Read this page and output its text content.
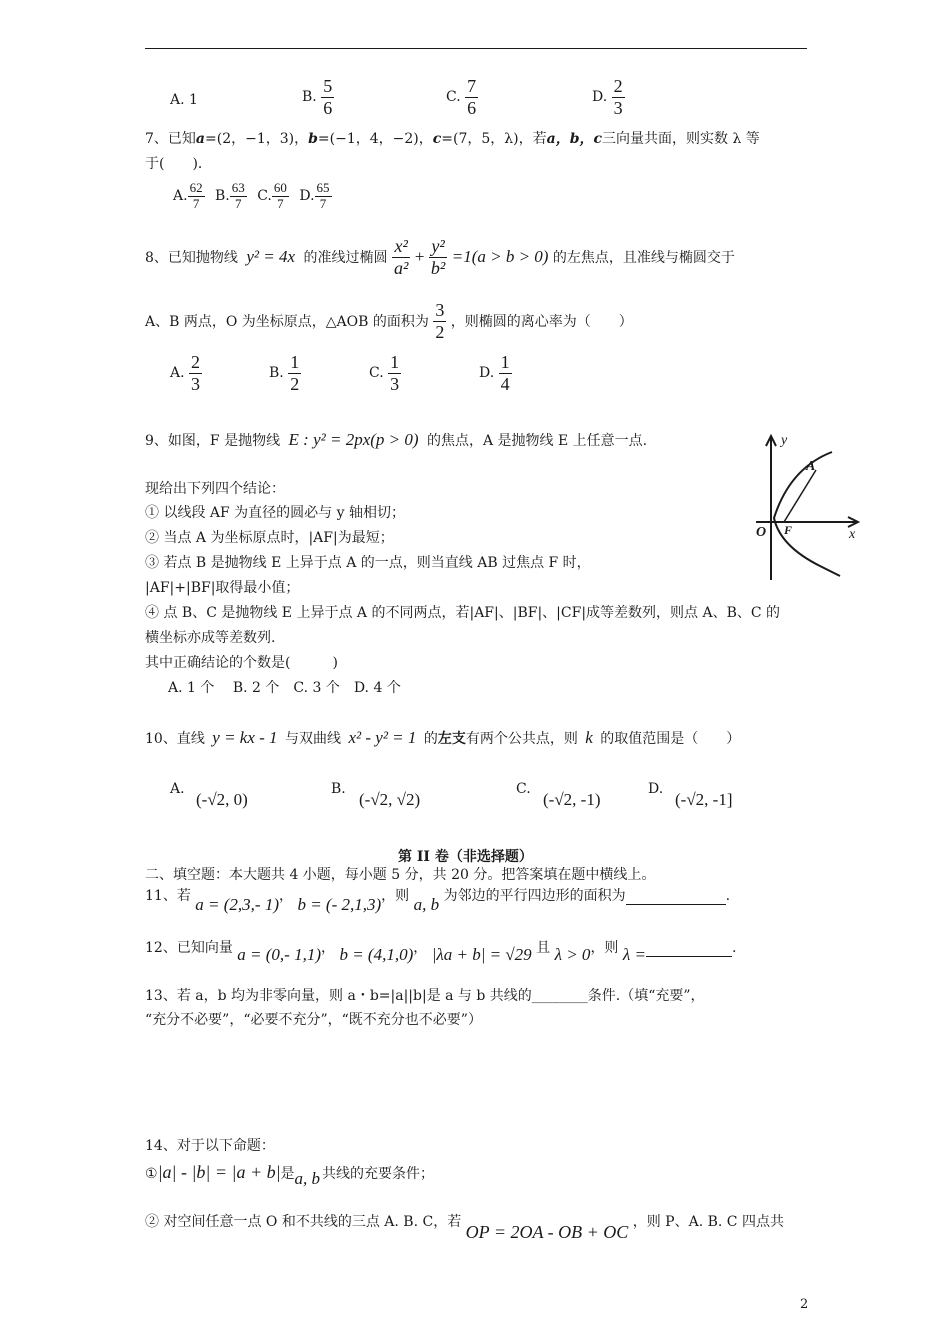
A. 1	B. $\frac{5}{6}$	C. $\frac{7}{6}$	D. $\frac{2}{3}$
7、已知a=(2，−1，3)，b=(−1，4，−2)，c=(7，5，λ)，若a，b，c三向量共面，则实数 λ 等
于(　　)．
A. $\frac{62}{7} B$. $\frac{63}{7} C$. $\frac{60}{7} D$. $\frac{65}{7}$
8、已知抛物线 y² = 4x 的准线过椭圆 $\frac{\text{x²}}{\text{a²}} + \frac{\text{y²}}{\text{b²}} =1(a > b > 0)$ 的左焦点，且准线与椭圆交于
A、B 两点，O 为坐标原点，△AOB 的面积为 $\frac{3}{2}$ ，则椭圆的离心率为（　　）
A. $\frac{2}{3}$	B. $\frac{1}{2}$	C. $\frac{1}{3}$	D. $\frac{1}{4}$
9、如图，F 是抛物线 E : y² = 2px(p > 0) 的焦点，A 是抛物线 E 上任意一点.
现给出下列四个结论：
① 以线段 AF 为直径的圆必与 y 轴相切；
② 当点 A 为坐标原点时，|AF|为最短；
③ 若点 B 是抛物线 E 上异于点 A 的一点，则当直线 AB 过焦点 F 时，
|AF|+|BF|取得最小值；
④ 点 B、C 是抛物线 E 上异于点 A 的不同两点，若|AF|、|BF|、|CF|成等差数列，则点 A、B、C 的
横坐标亦成等差数列.
其中正确结论的个数是(　　　)
A. 1 个　 B. 2 个　C. 3 个　D. 4 个
y
x
O F
A
10、直线 y = kx - 1 与双曲线 x² - y² = 1 的左支有两个公共点，则 k 的取值范围是（　　）
A.
(-√2, 0)
B.
(-√2, √2)
C.
(-√2, -1)
D.
(-√2, -1]
第 II 卷（非选择题）
二、填空题：本大题共 4 小题，每小题 5 分，共 20 分。把答案填在题中横线上。
11、若 a = (2,3,- 1)， b = (- 2,1,3)，则 a, b 为邻边的平行四边形的面积为	.
12、已知向量 a = (0,- 1,1)， b = (4,1,0)， |λa + b| = √29 且 λ > 0，则 λ =	.
13、若 a，b 均为非零向量，则 a・b=|a||b|是 a 与 b 共线的________条件.（填“充要”，
“充分不必要”，“必要不充分”，“既不充分也不必要”）
14、对于以下命题：
①|a| - |b| = |a + b|是a, b 共线的充要条件；
② 对空间任意一点 O 和不共线的三点 A. B. C，若 OP = 2OA - OB + OC ，则 P、A. B. C 四点共
2
